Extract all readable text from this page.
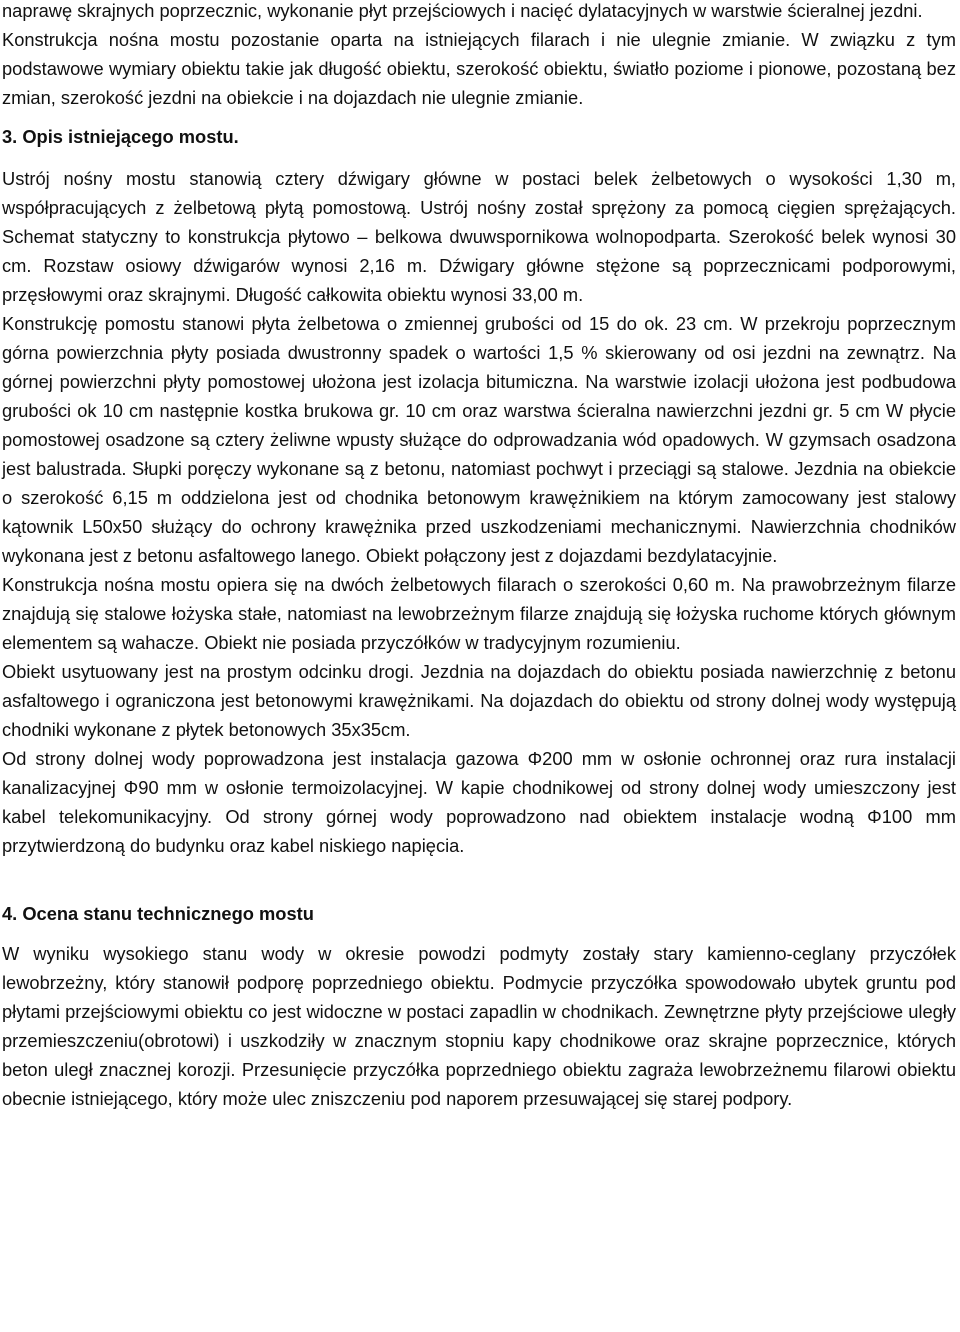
naprawę skrajnych poprzecznic, wykonanie płyt przejściowych i nacięć dylatacyjnych w warstwie ścieralnej jezdni.

Konstrukcja nośna mostu pozostanie oparta na istniejących filarach i nie ulegnie zmianie. W związku z tym podstawowe wymiary obiektu takie jak długość obiektu, szerokość obiektu, światło poziome i pionowe, pozostaną bez zmian, szerokość jezdni na obiekcie i na dojazdach nie ulegnie zmianie.

3. Opis istniejącego mostu.

Ustrój nośny mostu stanowią cztery dźwigary główne w postaci belek żelbetowych o wysokości 1,30 m, współpracujących z żelbetową płytą pomostową. Ustrój nośny został sprężony za pomocą cięgien sprężających. Schemat statyczny to konstrukcja płytowo – belkowa dwuwspornikowa wolnopodparta. Szerokość belek wynosi 30 cm. Rozstaw osiowy dźwigarów wynosi 2,16 m. Dźwigary główne stężone są poprzecznicami podporowymi, przęsłowymi oraz skrajnymi. Długość całkowita obiektu wynosi 33,00 m.

Konstrukcję pomostu stanowi płyta żelbetowa o zmiennej grubości od 15 do ok. 23 cm. W przekroju poprzecznym górna powierzchnia płyty posiada dwustronny spadek o wartości 1,5 % skierowany od osi jezdni na zewnątrz. Na górnej powierzchni płyty pomostowej ułożona jest izolacja bitumiczna. Na warstwie izolacji ułożona jest podbudowa grubości ok 10 cm następnie kostka brukowa gr. 10 cm oraz warstwa ścieralna nawierzchni jezdni gr. 5 cm W płycie pomostowej osadzone są cztery żeliwne wpusty służące do odprowadzania wód opadowych. W gzymsach osadzona jest balustrada. Słupki poręczy wykonane są z betonu, natomiast pochwyt i przeciągi są stalowe. Jezdnia na obiekcie o szerokość 6,15 m oddzielona jest od chodnika betonowym krawężnikiem na którym zamocowany jest stalowy kątownik L50x50 służący do ochrony krawężnika przed uszkodzeniami mechanicznymi. Nawierzchnia chodników wykonana jest z betonu asfaltowego lanego. Obiekt połączony jest z dojazdami bezdylatacyjnie.

Konstrukcja nośna mostu opiera się na dwóch żelbetowych filarach o szerokości 0,60 m. Na prawobrzeżnym filarze znajdują się stalowe łożyska stałe, natomiast na lewobrzeżnym filarze znajdują się łożyska ruchome których głównym elementem są wahacze. Obiekt nie posiada przyczółków w tradycyjnym rozumieniu.

Obiekt usytuowany jest na prostym odcinku drogi. Jezdnia na dojazdach do obiektu posiada nawierzchnię z betonu asfaltowego i ograniczona jest betonowymi krawężnikami. Na dojazdach do obiektu od strony dolnej wody występują chodniki wykonane z płytek betonowych 35x35cm.

Od strony dolnej wody poprowadzona jest instalacja gazowa Φ200 mm w osłonie ochronnej oraz rura instalacji kanalizacyjnej Φ90 mm w osłonie termoizolacyjnej. W kapie chodnikowej od strony dolnej wody umieszczony jest kabel telekomunikacyjny. Od strony górnej wody poprowadzono nad obiektem instalacje wodną Φ100 mm przytwierdzoną do budynku oraz kabel niskiego napięcia.

4. Ocena stanu technicznego mostu

W wyniku wysokiego stanu wody w okresie powodzi podmyty zostały stary kamienno-ceglany przyczółek lewobrzeżny, który stanowił podporę poprzedniego obiektu. Podmycie przyczółka spowodowało ubytek gruntu pod płytami przejściowymi obiektu co jest widoczne w postaci zapadlin w chodnikach. Zewnętrzne płyty przejściowe uległy przemieszczeniu(obrotowi) i uszkodziły w znacznym stopniu kapy chodnikowe oraz skrajne poprzecznice, których beton uległ znacznej korozji. Przesunięcie przyczółka poprzedniego obiektu zagraża lewobrzeżnemu filarowi obiektu obecnie istniejącego, który może ulec zniszczeniu pod naporem przesuwającej się starej podpory.
